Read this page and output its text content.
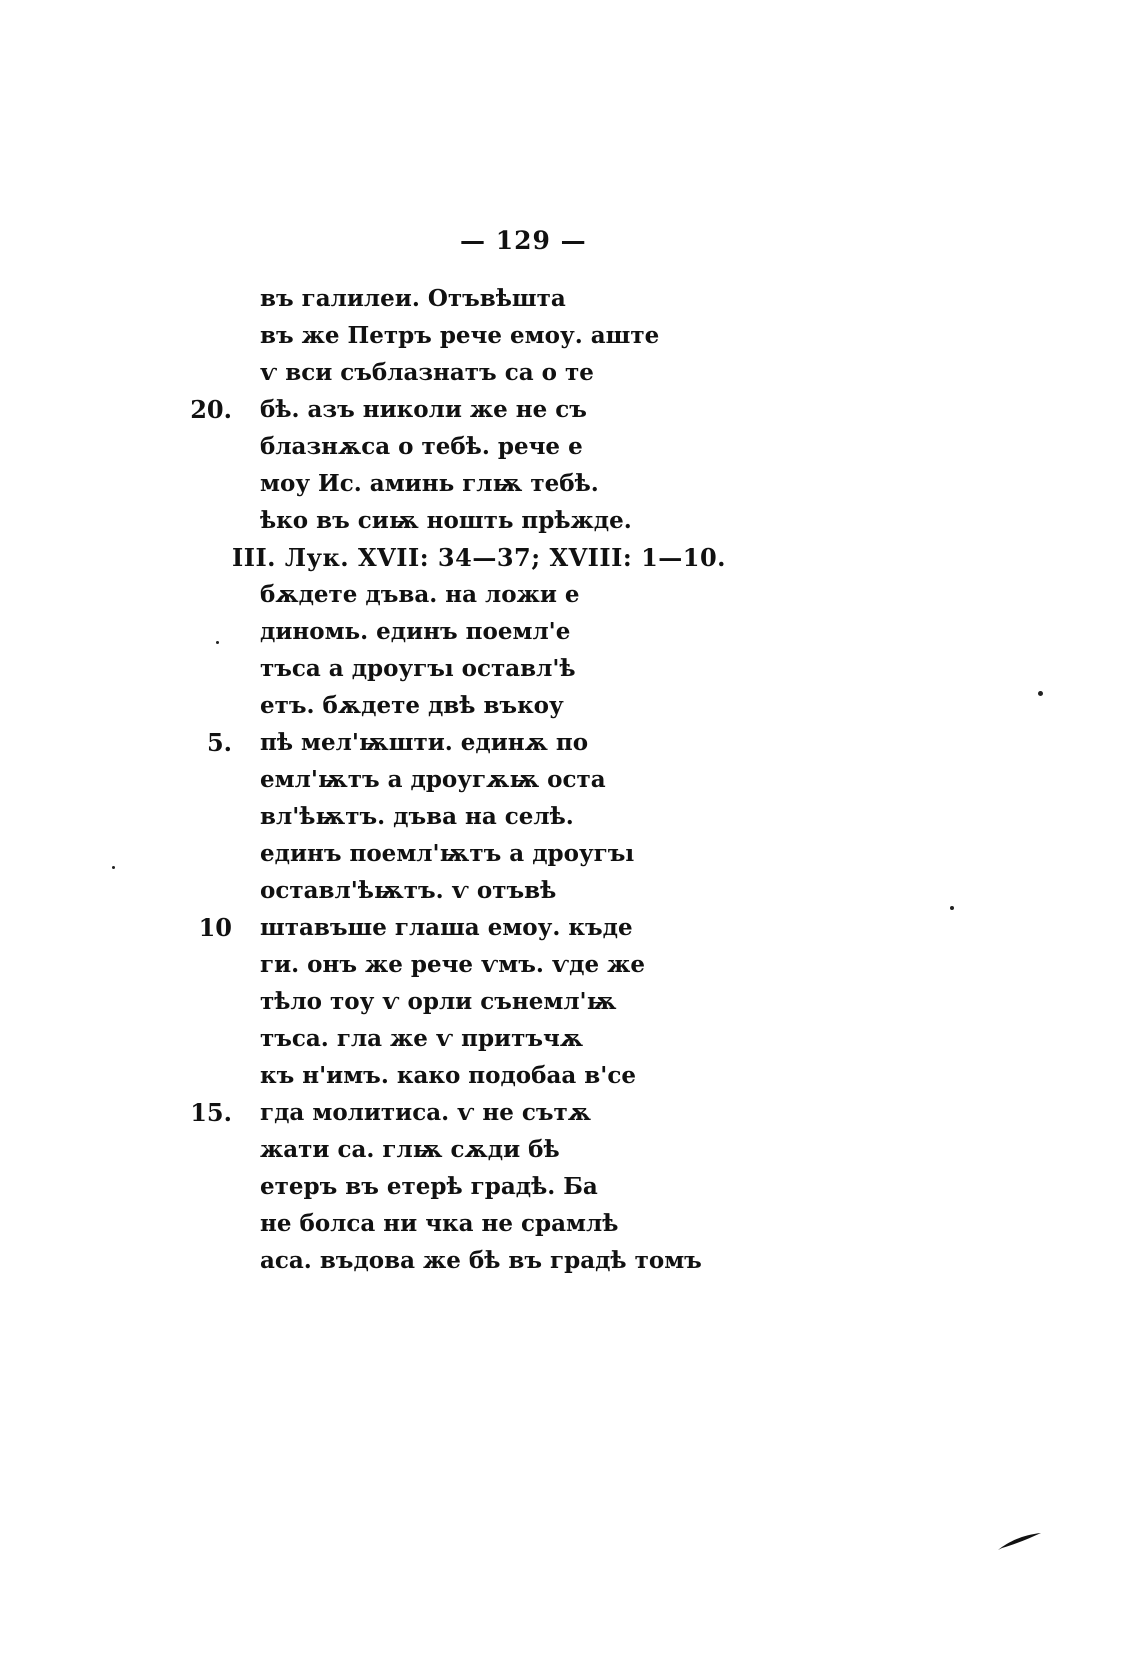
— 129 —
въ галилеи. Отъвѣшта
въ же Петръ рече емоу. аште
ѵ вси съблазнатъ са о те
20. бѣ. азъ николи же не съ
блазнѫса о тебѣ. рече е
моу Ис. аминь глѭ тебѣ.
ѣко въ сиѭ ношть прѣжде.
III. Лук. XVII: 34—37; XVIII: 1—10.
бѫдете дъва. на ложи е
диномь. единъ поемл'е
тъса а дроугъı оставл'ѣ
етъ. бѫдете двѣ въкоу
5. пѣ мел'ѭшти. единѫ по
емл'ѭтъ а дроугѫѭ оста
вл'ѣѭтъ. дъва на селѣ.
единъ поемл'ѭтъ а дроугъı
оставл'ѣѭтъ. ѵ отъвѣ
10 штавъше глаша емоу. къде
ги. онъ же рече ѵмъ. ѵде же
тѣло тоу ѵ орли сънемл'ѭ
тъса. гла же ѵ притъчѫ
къ н'имъ. како подобаа в'се
15. гда молитиса. ѵ не сътѫ
жати са. глѭ сѫди бѣ
етеръ въ етерѣ градѣ. Ба
не болса ни чка не срамлѣ
аса. въдова же бѣ въ градѣ томъ
